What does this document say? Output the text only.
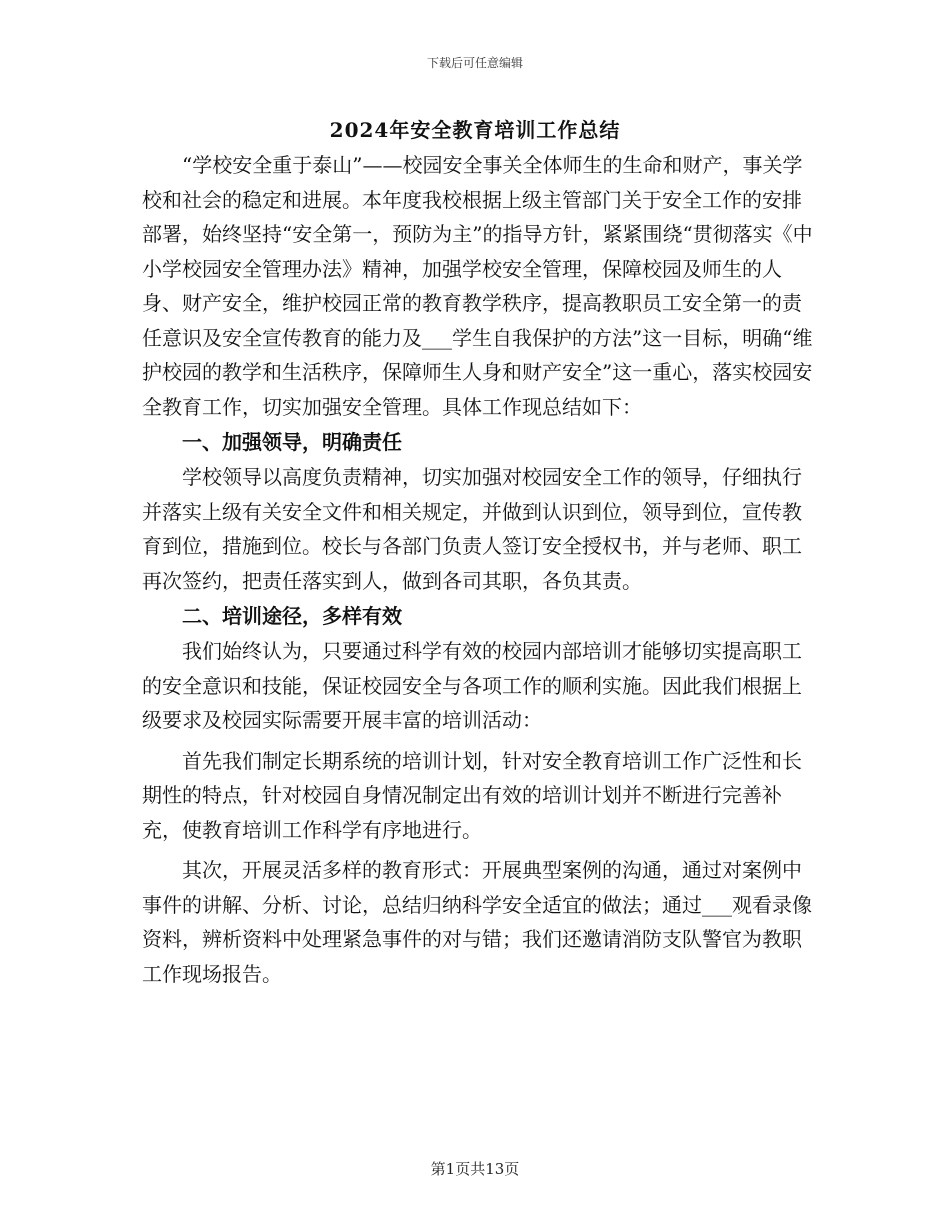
下载后可任意编辑
2024年安全教育培训工作总结

“学校安全重于泰山”——校园安全事关全体师生的生命和财产，事关学校和社会的稳定和进展。本年度我校根据上级主管部门关于安全工作的安排部署，始终坚持“安全第一，预防为主”的指导方针，紧紧围绕“贯彻落实《中小学校园安全管理办法》精神，加强学校安全管理，保障校园及师生的人身、财产安全，维护校园正常的教育教学秩序，提高教职员工安全第一的责任意识及安全宣传教育的能力及___学生自我保护的方法”这一目标，明确“维护校园的教学和生活秩序，保障师生人身和财产安全”这一重心，落实校园安全教育工作，切实加强安全管理。具体工作现总结如下：

一、加强领导，明确责任

学校领导以高度负责精神，切实加强对校园安全工作的领导，仔细执行并落实上级有关安全文件和相关规定，并做到认识到位，领导到位，宣传教育到位，措施到位。校长与各部门负责人签订安全授权书，并与老师、职工再次签约，把责任落实到人，做到各司其职，各负其责。

二、培训途径，多样有效

我们始终认为，只要通过科学有效的校园内部培训才能够切实提高职工的安全意识和技能，保证校园安全与各项工作的顺利实施。因此我们根据上级要求及校园实际需要开展丰富的培训活动：

首先我们制定长期系统的培训计划，针对安全教育培训工作广泛性和长期性的特点，针对校园自身情况制定出有效的培训计划并不断进行完善补充，使教育培训工作科学有序地进行。

其次，开展灵活多样的教育形式：开展典型案例的沟通，通过对案例中事件的讲解、分析、讨论，总结归纳科学安全适宜的做法；通过___观看录像资料，辨析资料中处理紧急事件的对与错；我们还邀请消防支队警官为教职工作现场报告。

第1页共13页
